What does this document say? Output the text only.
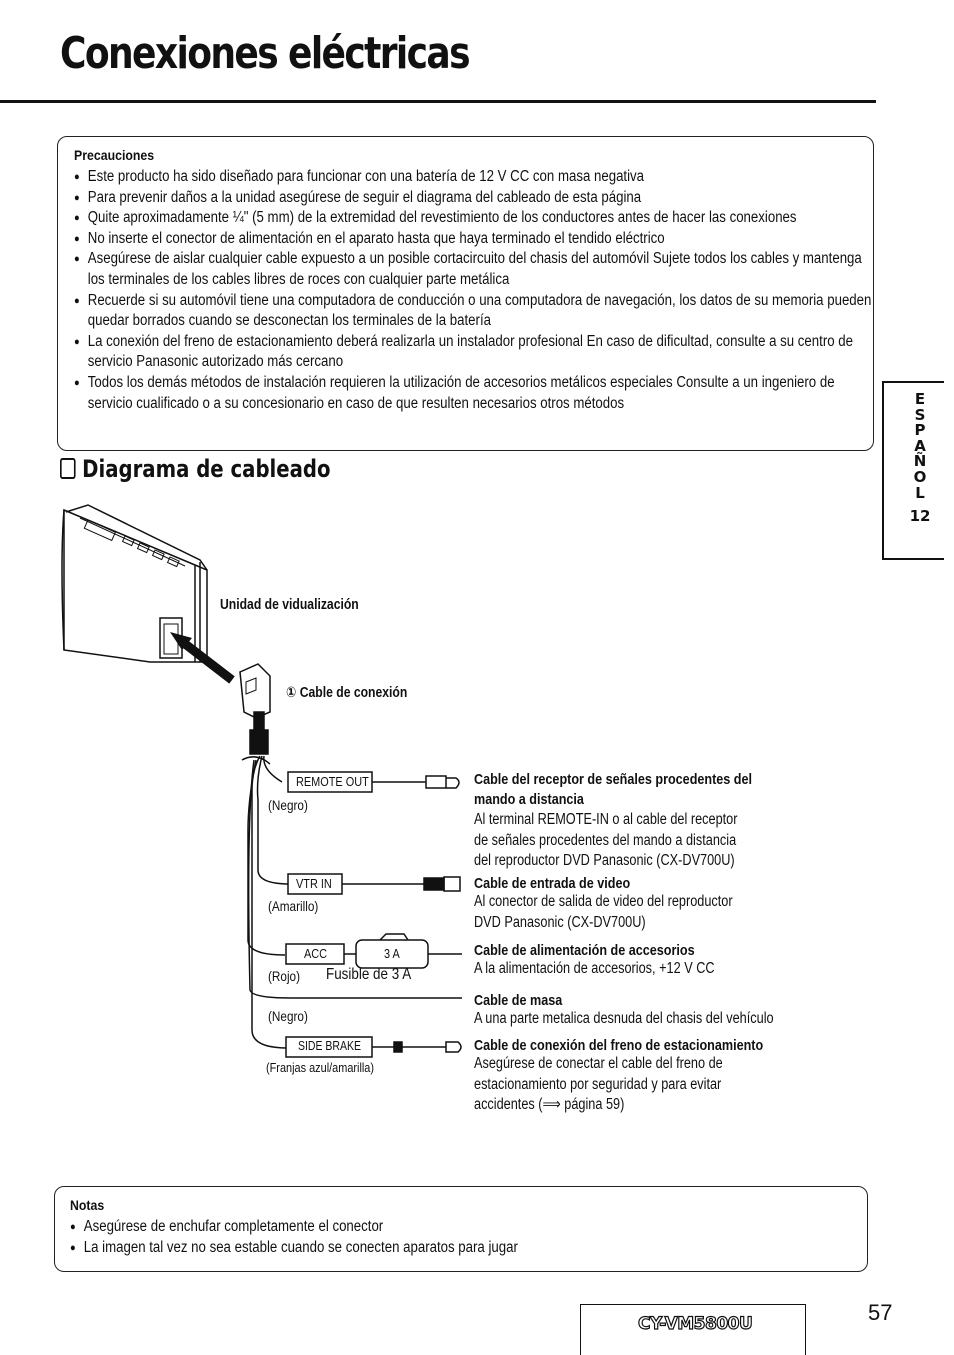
Conexiones eléctricas
Precauciones
● Este producto ha sido diseñado para funcionar con una batería de 12 V CC con masa negativa
● Para prevenir daños a la unidad asegúrese de seguir el diagrama del cableado de esta página
● Quite aproximadamente ¼" (5 mm) de la extremidad del revestimiento de los conductores antes de hacer las conexiones
● No inserte el conector de alimentación en el aparato hasta que haya terminado el tendido eléctrico
● Asegúrese de aislar cualquier cable expuesto a un posible cortacircuito del chasis del automóvil Sujete todos los cables y mantenga los terminales de los cables libres de roces con cualquier parte metálica
● Recuerde si su automóvil tiene una computadora de conducción o una computadora de navegación, los datos de su memoria pueden quedar borrados cuando se desconectan los terminales de la batería
● La conexión del freno de estacionamiento deberá realizarla un instalador profesional En caso de dificultad, consulte a su centro de servicio Panasonic autorizado más cercano
● Todos los demás métodos de instalación requieren la utilización de accesorios metálicos especiales Consulte a un ingeniero de servicio cualificado o a su concesionario en caso de que resulten necesarios otros métodos	E
S
P
A
Ñ
O
L
12
Diagrama de cableado
Unidad de vidualización
① Cable de conexión
REMOTE OUT
(Negro)
VTR IN
(Amarillo)
ACC	3 A
(Rojo) Fusible de 3 A
(Negro)
SIDE BRAKE
(Franjas azul/amarilla)
Cable del receptor de señales procedentes del mando a distancia
Al terminal REMOTE-IN o al cable del receptor
de señales procedentes del mando a distancia
del reproductor DVD Panasonic (CX-DV700U)
Cable de entrada de video
Al conector de salida de video del reproductor
DVD Panasonic (CX-DV700U)
Cable de alimentación de accesorios
A la alimentación de accesorios, +12 V CC
Cable de masa
A una parte metalica desnuda del chasis del vehículo
Cable de conexión del freno de estacionamiento
Asegúrese de conectar el cable del freno de
estacionamiento por seguridad y para evitar
accidentes (⟹ página 59)
Notas
● Asegúrese de enchufar completamente el conector
● La imagen tal vez no sea estable cuando se conecten aparatos para jugar
CY-VM5800U	57
